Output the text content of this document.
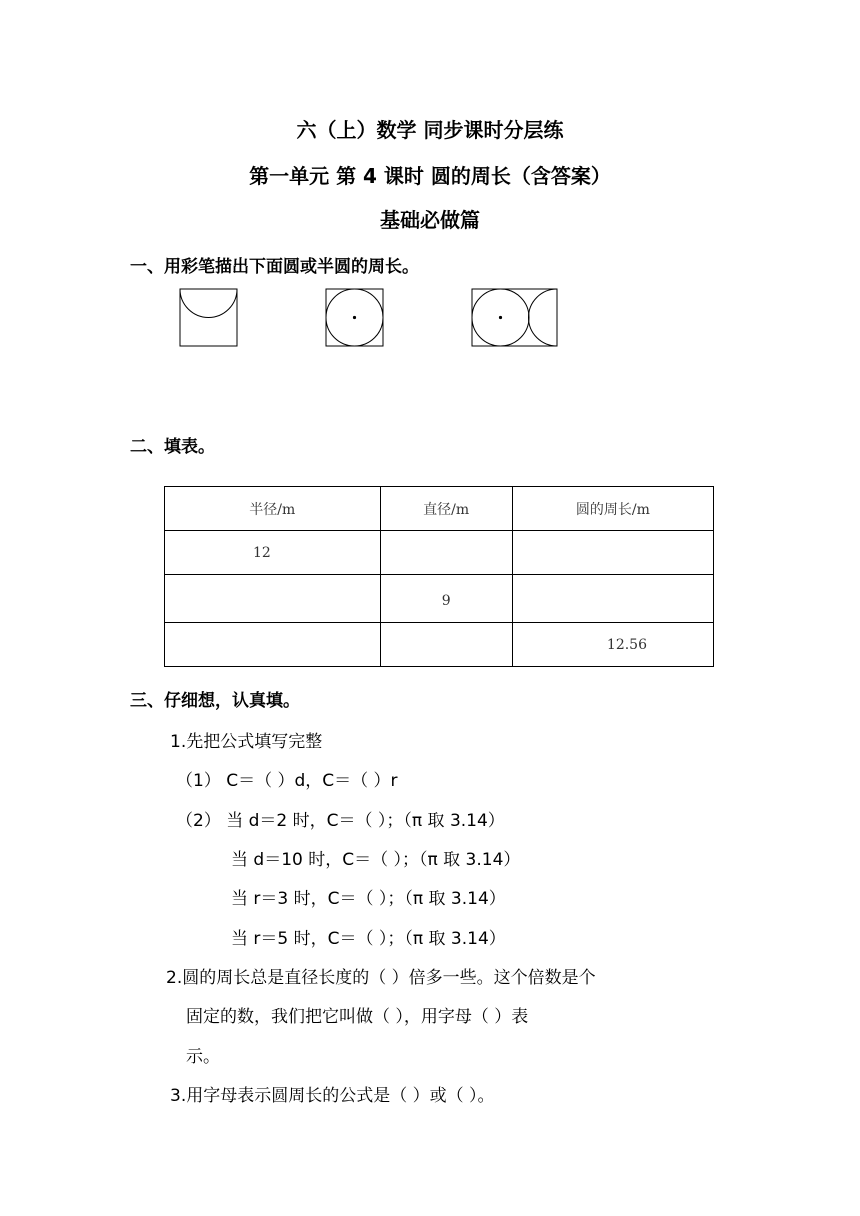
六（上）数学 同步课时分层练
第一单元 第 4 课时 圆的周长（含答案）
基础必做篇
一、用彩笔描出下面圆或半圆的周长。
二、填表。
半径/m	直径/m	圆的周长/m
12		
	9	
		12.56
三、仔细想，认真填。
1.先把公式填写完整
（1） C＝（ ）d，C＝（ ）r
（2） 当 d＝2 时，C＝（ ）；（π 取 3.14）
当 d＝10 时，C＝（ ）；（π 取 3.14）
当 r＝3 时，C＝（ ）；（π 取 3.14）
当 r＝5 时，C＝（ ）；（π 取 3.14）
2.圆的周长总是直径长度的（ ）倍多一些。这个倍数是个
固定的数，我们把它叫做（ ），用字母（ ）表
示。
3.用字母表示圆周长的公式是（ ）或（ ）。
